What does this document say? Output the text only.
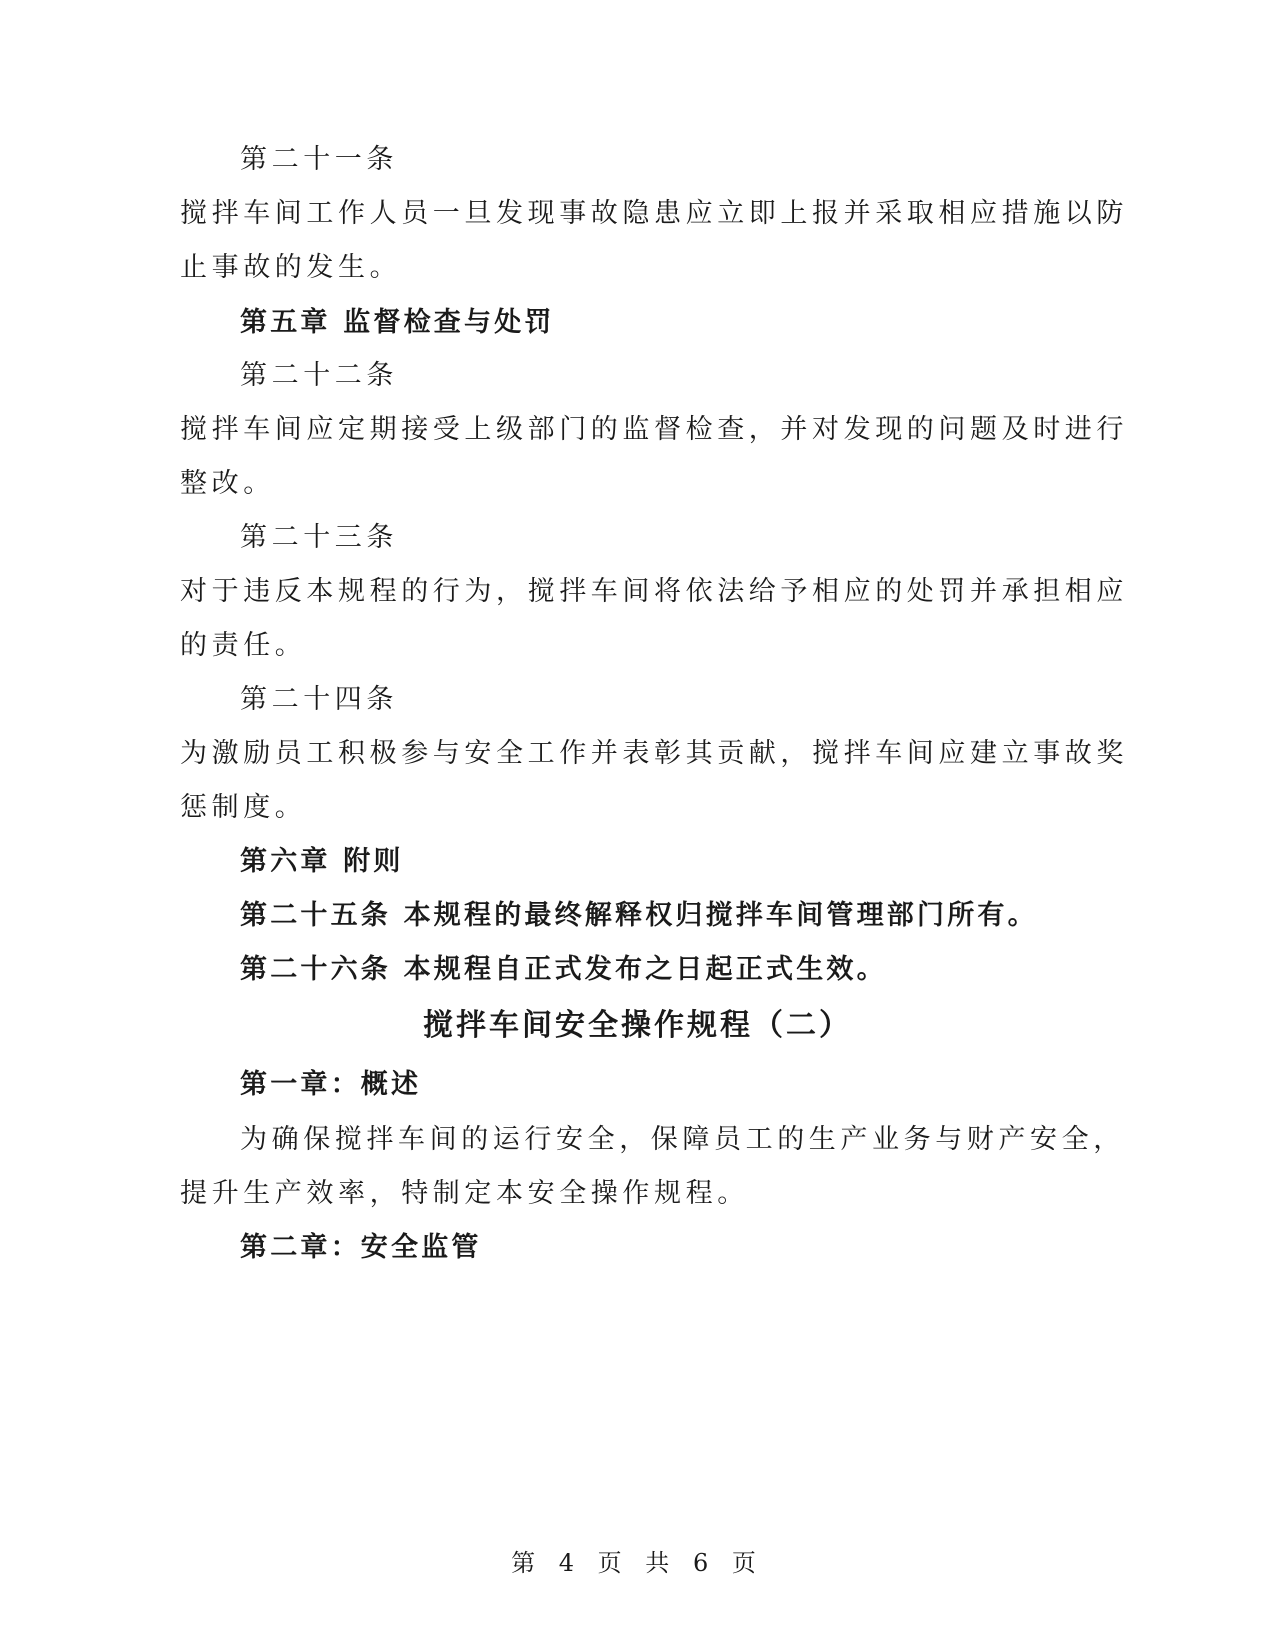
第二十一条
搅拌车间工作人员一旦发现事故隐患应立即上报并采取相应措施以防
止事故的发生。
第五章 监督检查与处罚
第二十二条
搅拌车间应定期接受上级部门的监督检查，并对发现的问题及时进行
整改。
第二十三条
对于违反本规程的行为，搅拌车间将依法给予相应的处罚并承担相应
的责任。
第二十四条
为激励员工积极参与安全工作并表彰其贡献，搅拌车间应建立事故奖
惩制度。
第六章 附则
第二十五条 本规程的最终解释权归搅拌车间管理部门所有。
第二十六条 本规程自正式发布之日起正式生效。
搅拌车间安全操作规程（二）
第一章：概述
为确保搅拌车间的运行安全，保障员工的生产业务与财产安全，
提升生产效率，特制定本安全操作规程。
第二章：安全监管
第 4 页 共 6 页
